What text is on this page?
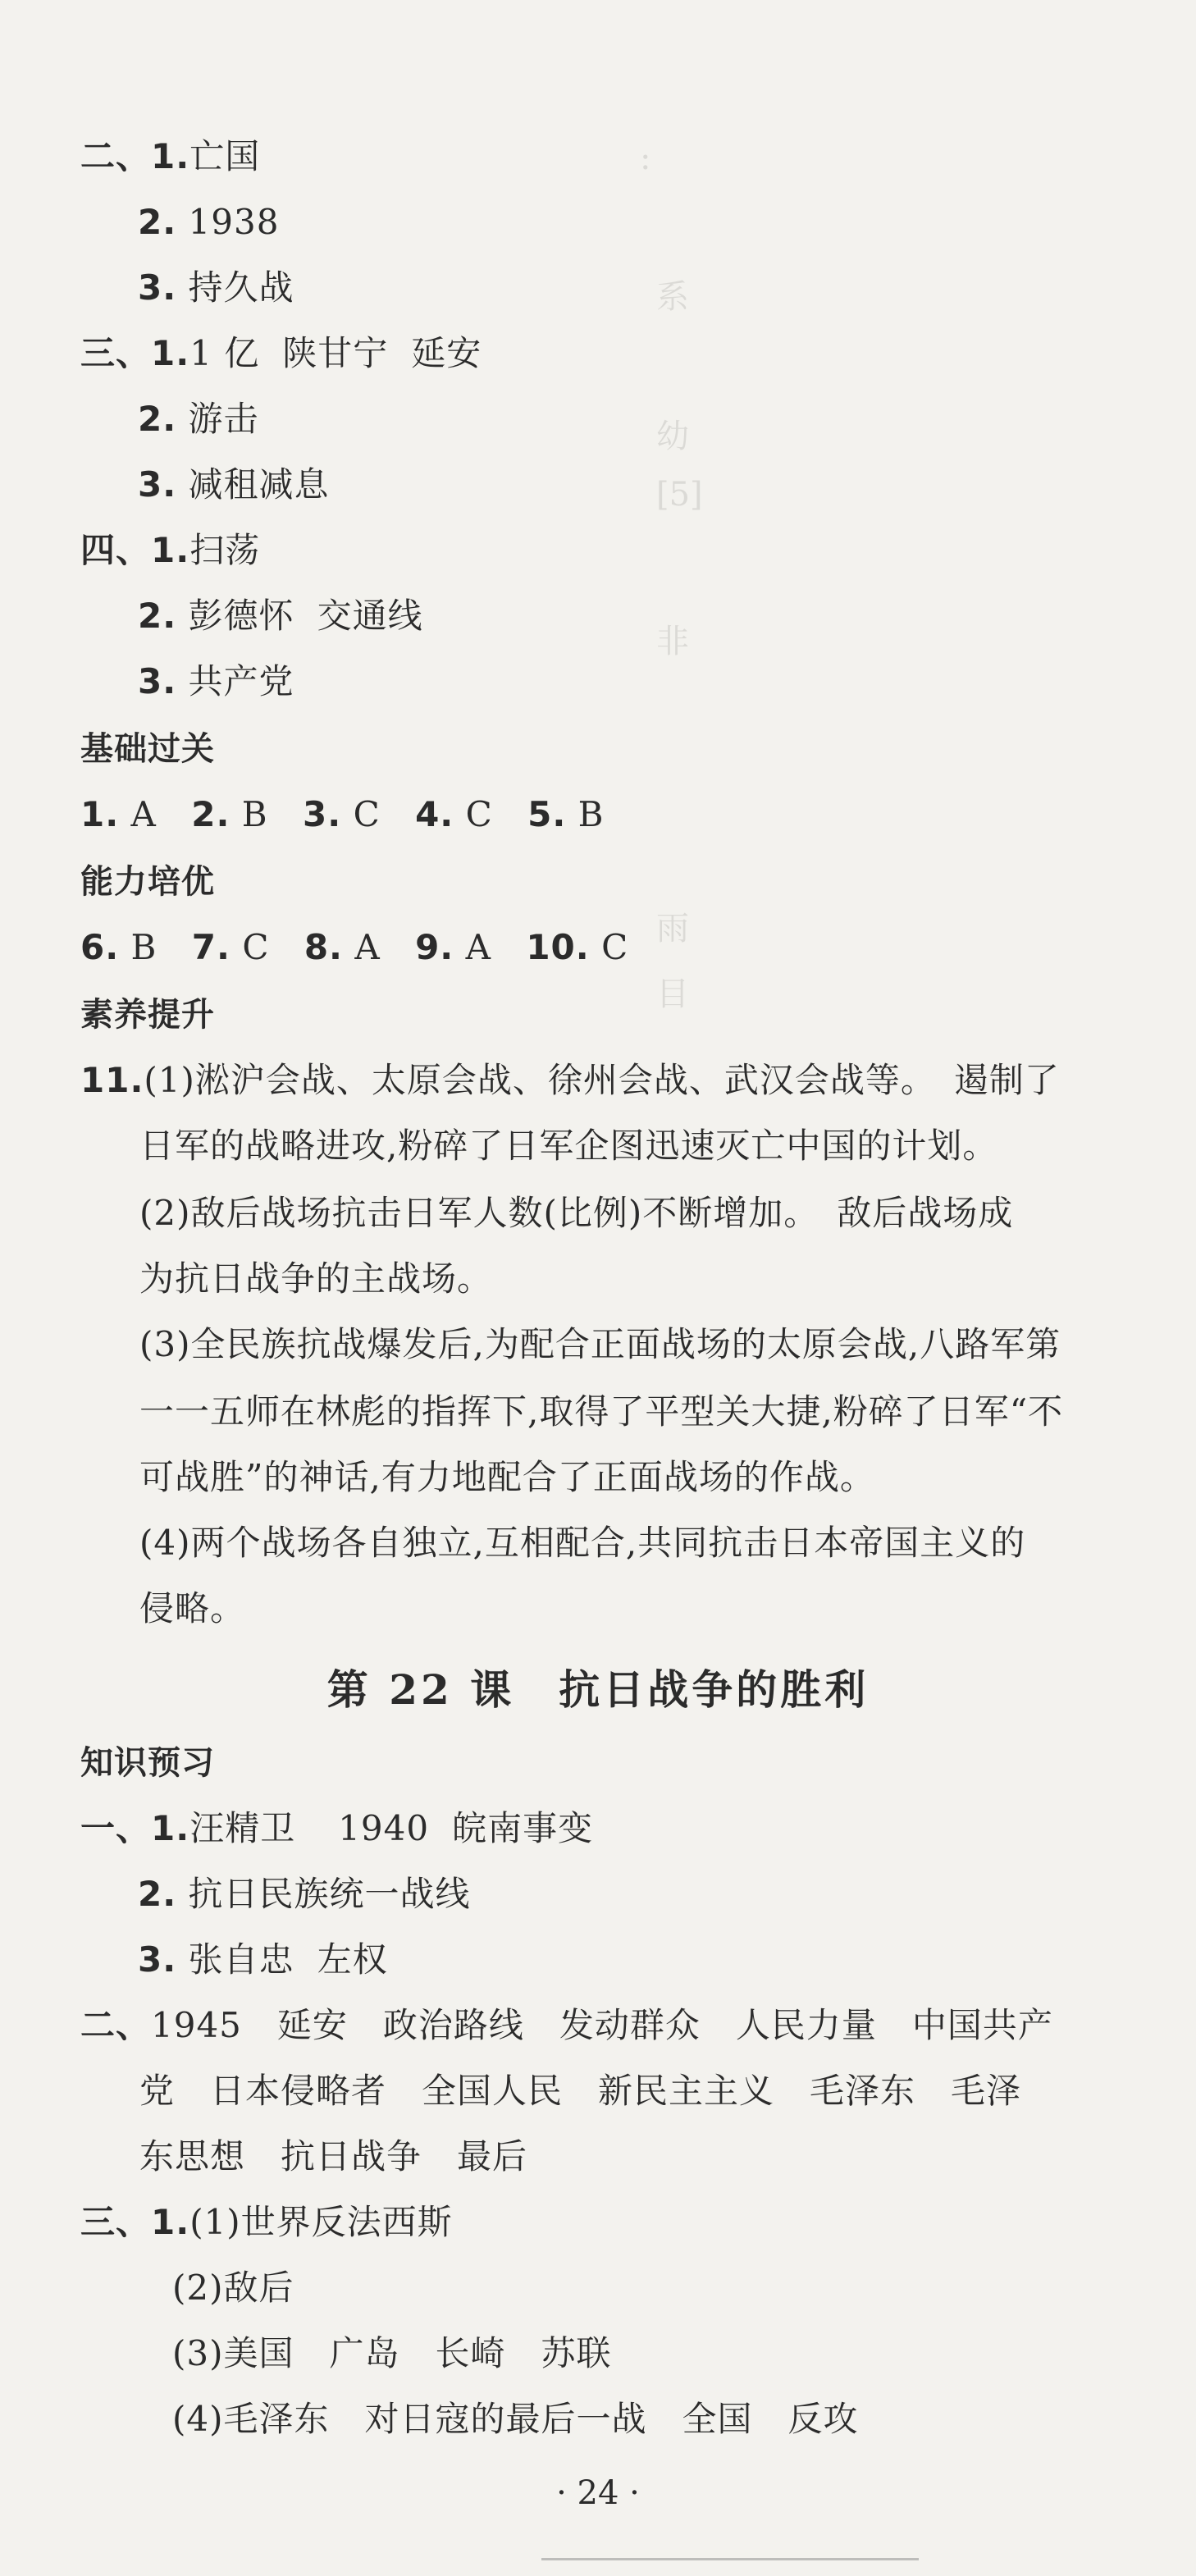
:
系
幼
[5]
非
雨
目
二、1.亡国
2. 1938
3. 持久战
三、1.1 亿 陕甘宁 延安
2. 游击
3. 减租减息
四、1.扫荡
2. 彭德怀 交通线
3. 共产党
基础过关
1. A 2. B 3. C 4. C 5. B
能力培优
6. B 7. C 8. A 9. A 10. C
素养提升
11.(1)淞沪会战、太原会战、徐州会战、武汉会战等。　遏制了
日军的战略进攻,粉碎了日军企图迅速灭亡中国的计划。
(2)敌后战场抗击日军人数(比例)不断增加。　敌后战场成
为抗日战争的主战场。
(3)全民族抗战爆发后,为配合正面战场的太原会战,八路军第
一一五师在林彪的指挥下,取得了平型关大捷,粉碎了日军“不
可战胜”的神话,有力地配合了正面战场的作战。
(4)两个战场各自独立,互相配合,共同抗击日本帝国主义的
侵略。
第 22 课　抗日战争的胜利
知识预习
一、1.汪精卫 1940 皖南事变
2. 抗日民族统一战线
3. 张自忠 左权
二、1945　延安　政治路线　发动群众　人民力量　中国共产
党　日本侵略者　全国人民　新民主主义　毛泽东　毛泽
东思想　抗日战争　最后
三、1.(1)世界反法西斯
(2)敌后
(3)美国　广岛　长崎　苏联
(4)毛泽东　对日寇的最后一战　全国　反攻
· 24 ·
